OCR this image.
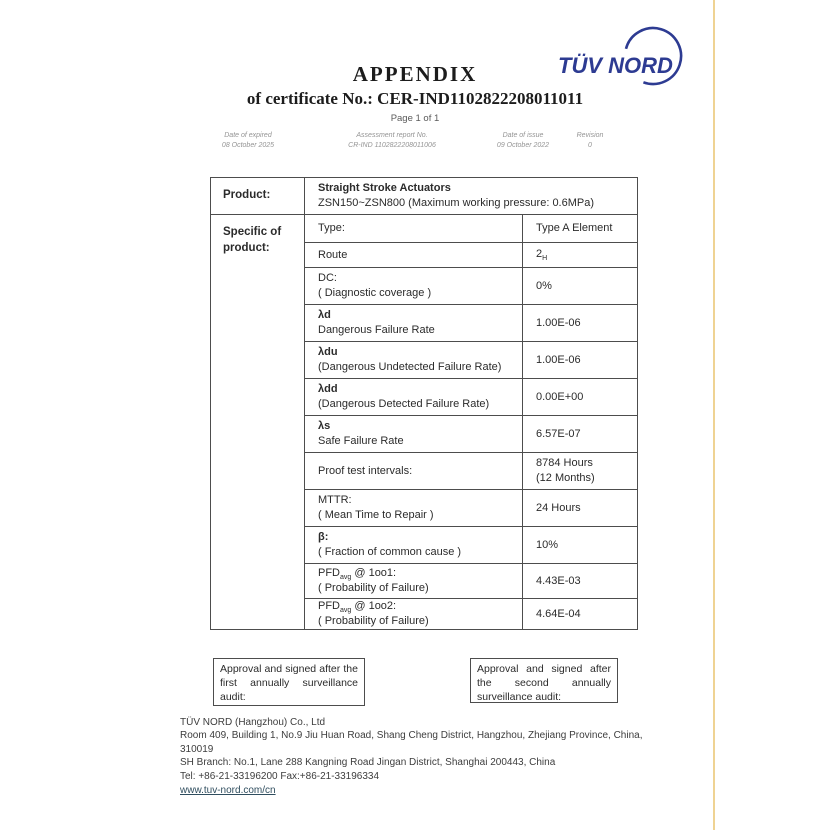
TÜV NORD
APPENDIX
of certificate No.: CER-IND1102822208011011
Page 1 of 1
Date of expired
08 October 2025
Assessment report No.
CR-IND 1102822208011006
Date of issue
09 October 2022
Revision
0
Product:
Straight Stroke Actuators
ZSN150~ZSN800 (Maximum working pressure: 0.6MPa)
Specific of product:
Type:	Type A Element
Route	$2_H$
DC:
( Diagnostic coverage )
0%
λd
Dangerous Failure Rate
1.00E-06
λdu
(Dangerous Undetected Failure Rate)
1.00E-06
λdd
(Dangerous Detected Failure Rate)
0.00E+00
λs
Safe Failure Rate
6.57E-07
Proof test intervals:
8784 Hours
(12 Months)
MTTR:
( Mean Time to Repair )
24 Hours
β:
( Fraction of common cause )
10%
$PFD_{avg}$ @ 1oo1:
( Probability of Failure)
4.43E-03
$PFD_{avg}$ @ 1oo2:
( Probability of Failure)
4.64E-04
Approval and signed after the first annually surveillance audit:
Approval and signed after the second annually surveillance audit:
TÜV NORD (Hangzhou) Co., Ltd
Room 409, Building 1, No.9 Jiu Huan Road, Shang Cheng District, Hangzhou, Zhejiang Province, China, 310019
SH Branch: No.1, Lane 288 Kangning Road Jingan District, Shanghai 200443, China
Tel: +86-21-33196200 Fax:+86-21-33196334
www.tuv-nord.com/cn
